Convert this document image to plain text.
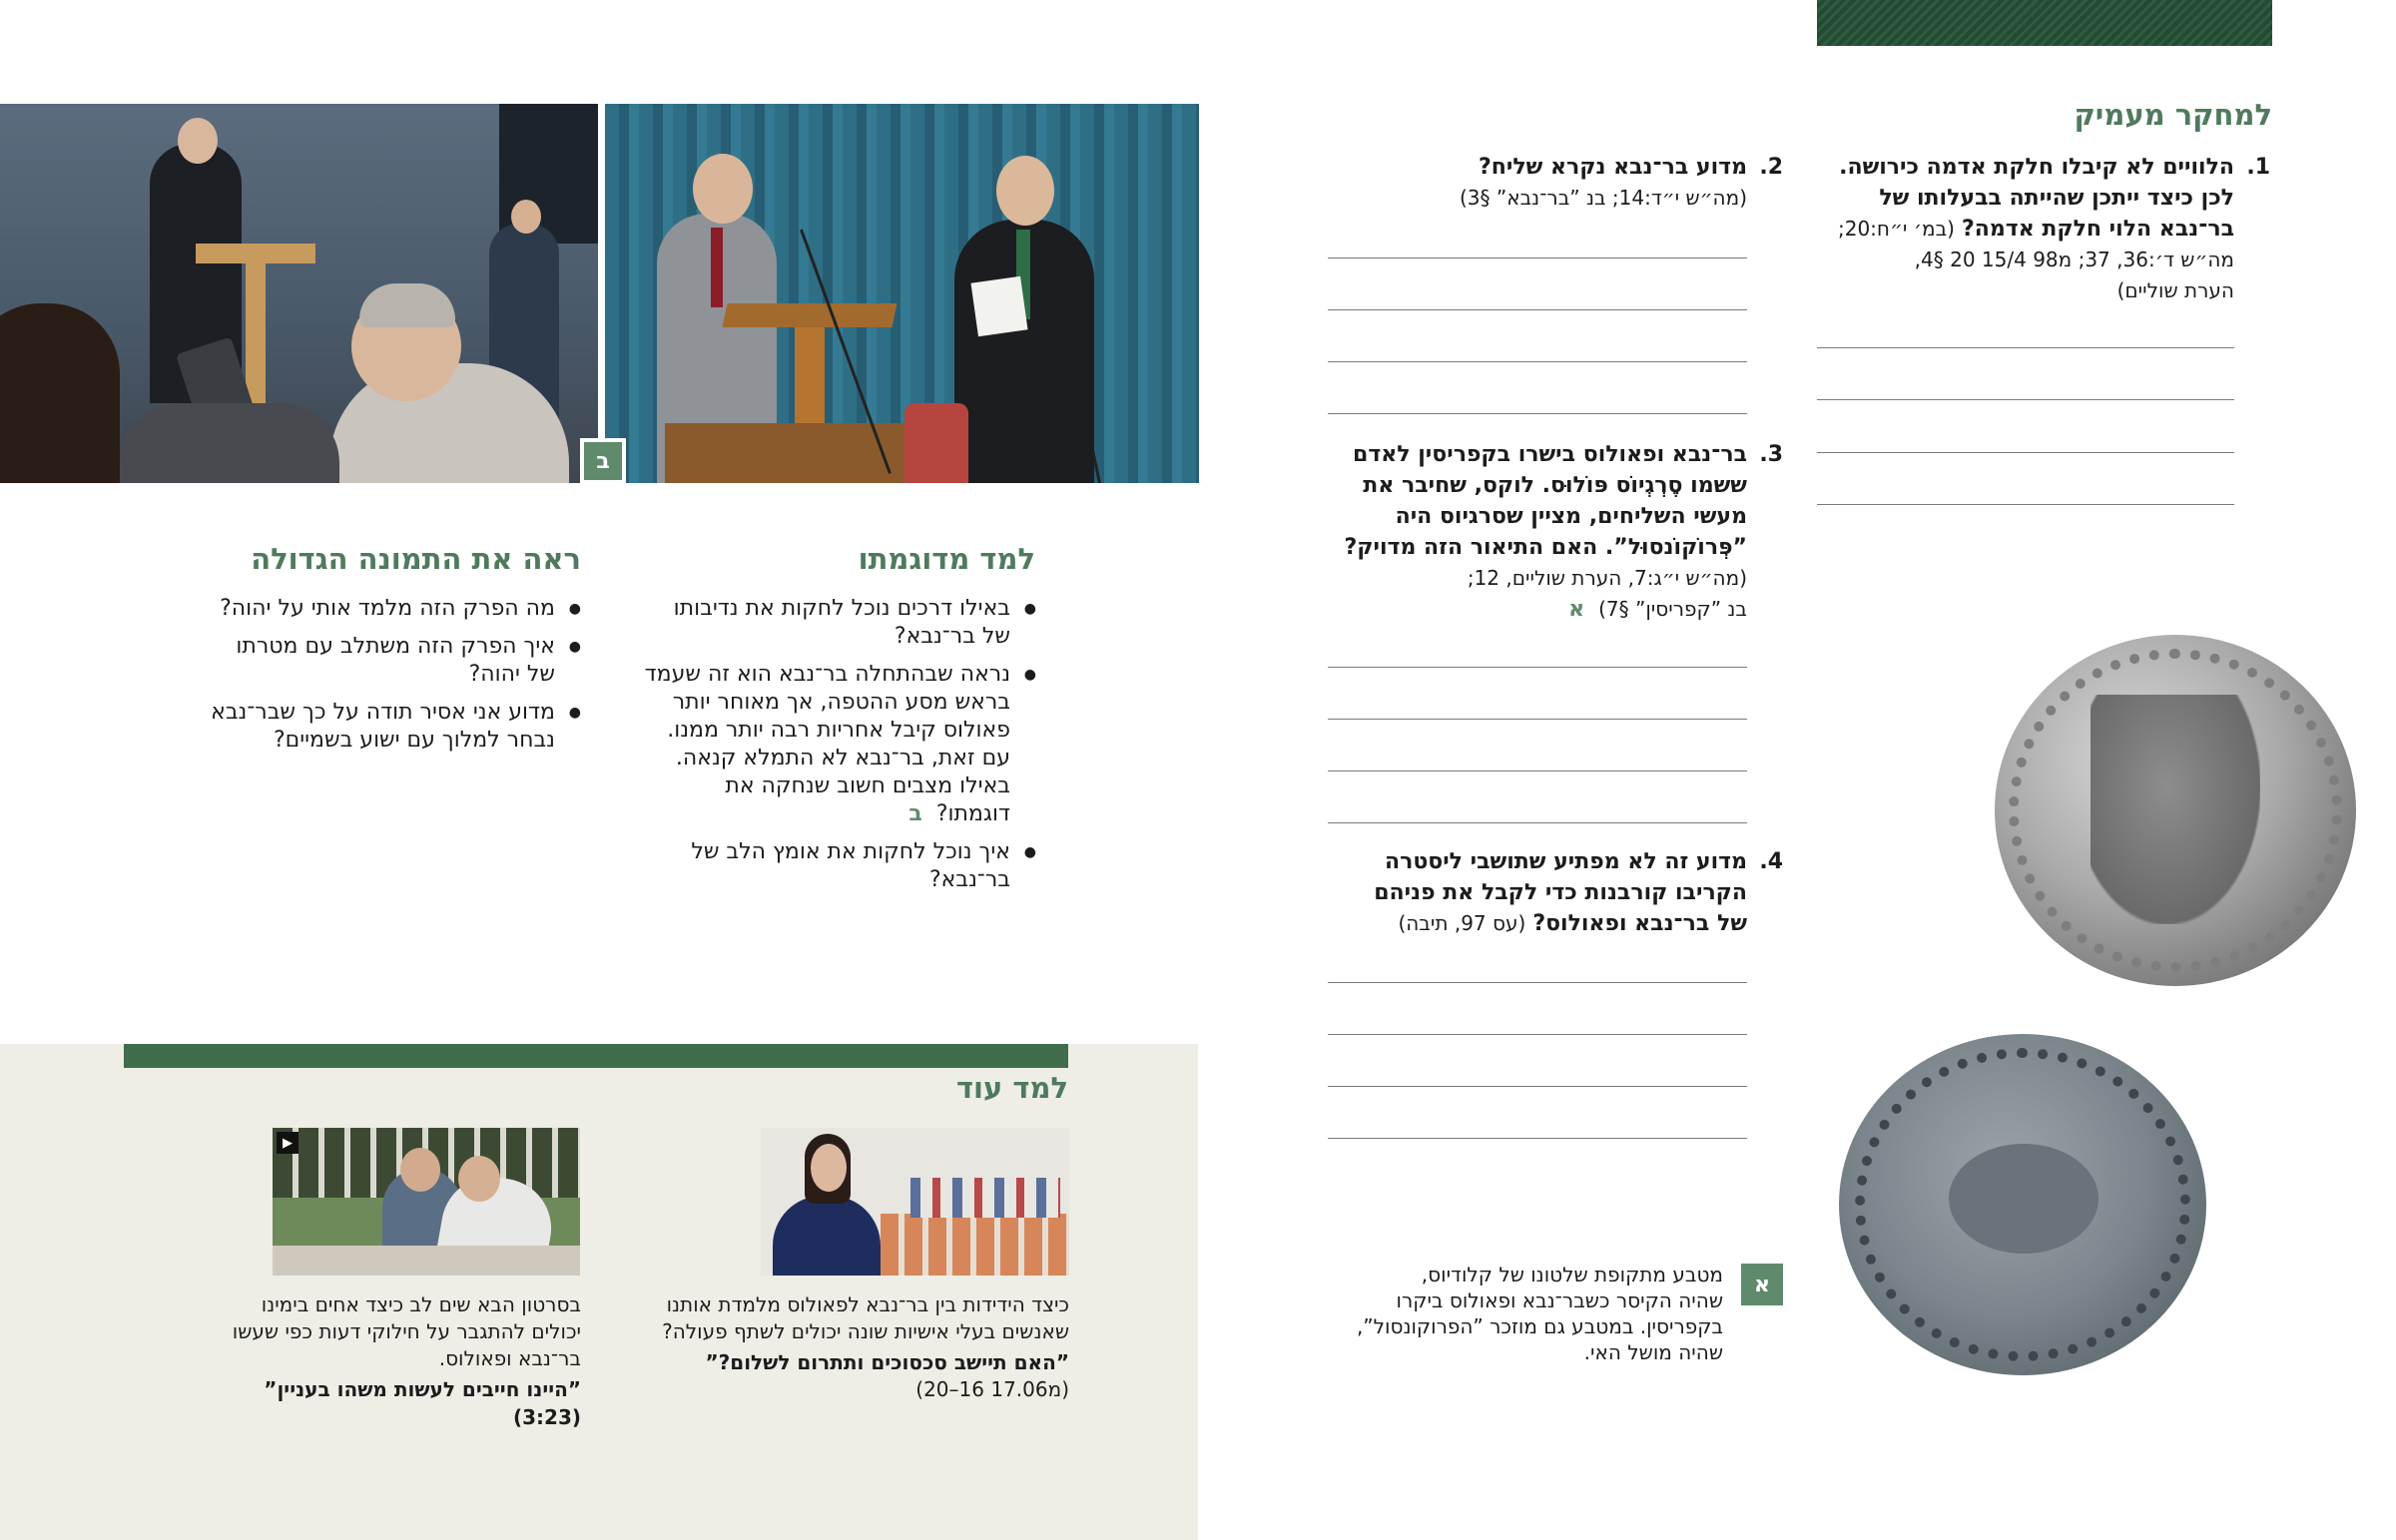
ב
למד מדוגמתו
● באילו דרכים נוכל לחקות את נדיבותו
של בר־נבא?
● נראה שבהתחלה בר־נבא הוא זה שעמד
בראש מסע ההטפה, אך מאוחר יותר
פאולוס קיבל אחריות רבה יותר ממנו.
עם זאת, בר־נבא לא התמלא קנאה.
באילו מצבים חשוב שנחקה את
דוגמתו?  ב
● איך נוכל לחקות את אומץ הלב של
בר־נבא?
ראה את התמונה הגדולה
● מה הפרק הזה מלמד אותי על יהוה?
● איך הפרק הזה משתלב עם מטרתו
של יהוה?
● מדוע אני אסיר תודה על כך שבר־נבא
נבחר למלוך עם ישוע בשמיים?
למד עוד
▶
כיצד הידידות בין בר־נבא לפאולוס מלמדת אותנו
שאנשים בעלי אישיות שונה יכולים לשתף פעולה?
”האם תיישב סכסוכים ותתרום לשלום?”
(מ17.06 16–20)
בסרטון הבא שים לב כיצד אחים בימינו
יכולים להתגבר על חילוקי דעות כפי שעשו
בר־נבא ופאולוס.
”היינו חייבים לעשות משהו בעניין”
(3:23)
למחקר מעמיק
1.
הלוויים לא קיבלו חלקת אדמה כירושה.
לכן כיצד ייתכן שהייתה בבעלותו של
בר־נבא הלוי חלקת אדמה? (במ׳ י״ח:20;
מה״ש ד׳:36, 37; מ98 15/4 20 §4,
הערת שוליים)
2.
מדוע בר־נבא נקרא שליח?
(מה״ש י״ד:14; בנ ”בר־נבא” §3)
3.
בר־נבא ופאולוס בישרו בקפריסין לאדם
ששמו סֶרְגְיוֹס פּוֹלוּס. לוקס, שחיבר את
מעשי השליחים, מציין שסרגיוס היה
”פְּרוֹקוֹנסוּל”. האם התיאור הזה מדויק?
(מה״ש י״ג:7, הערת שוליים, 12;
בנ ”קפריסין” §7)  א
4.
מדוע זה לא מפתיע שתושבי ליסטרה
הקריבו קורבנות כדי לקבל את פניהם
של בר־נבא ופאולוס? (עס 97, תיבה)
א
מטבע מתקופת שלטונו של קלודיוס,
שהיה הקיסר כשבר־נבא ופאולוס ביקרו
בקפריסין. במטבע גם מוזכר ”הפרוקונסול”,
שהיה מושל האי.
